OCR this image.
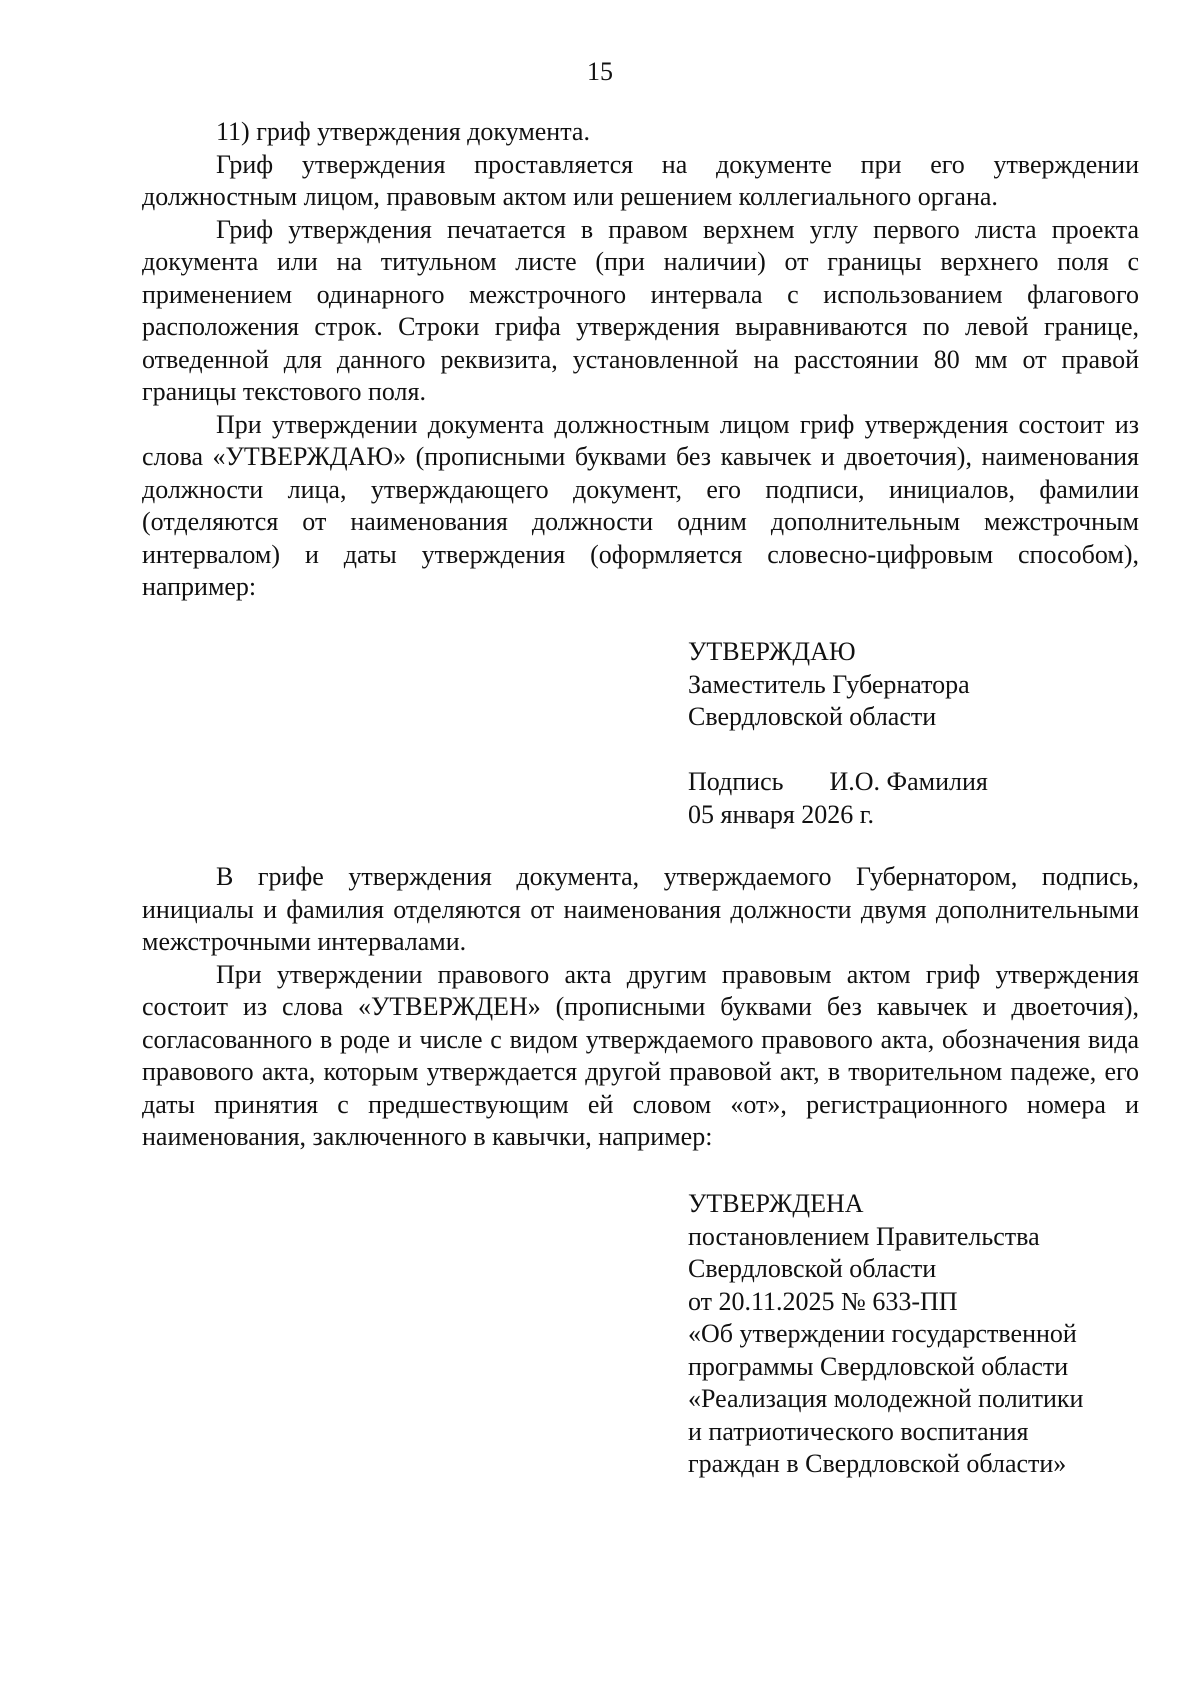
15

11) гриф утверждения документа.

Гриф утверждения проставляется на документе при его утверждении должностным лицом, правовым актом или решением коллегиального органа.

Гриф утверждения печатается в правом верхнем углу первого листа проекта документа или на титульном листе (при наличии) от границы верхнего поля с применением одинарного межстрочного интервала с использованием флагового расположения строк. Строки грифа утверждения выравниваются по левой границе, отведенной для данного реквизита, установленной на расстоянии 80 мм от правой границы текстового поля.

При утверждении документа должностным лицом гриф утверждения состоит из слова «УТВЕРЖДАЮ» (прописными буквами без кавычек и двоеточия), наименования должности лица, утверждающего документ, его подписи, инициалов, фамилии (отделяются от наименования должности одним дополнительным межстрочным интервалом) и даты утверждения (оформляется словесно-цифровым способом), например:

УТВЕРЖДАЮ
Заместитель Губернатора
Свердловской области
Подпись И.О. Фамилия
05 января 2026 г.

В грифе утверждения документа, утверждаемого Губернатором, подпись, инициалы и фамилия отделяются от наименования должности двумя дополнительными межстрочными интервалами.

При утверждении правового акта другим правовым актом гриф утверждения состоит из слова «УТВЕРЖДЕН» (прописными буквами без кавычек и двоеточия), согласованного в роде и числе с видом утверждаемого правового акта, обозначения вида правового акта, которым утверждается другой правовой акт, в творительном падеже, его даты принятия с предшествующим ей словом «от», регистрационного номера и наименования, заключенного в кавычки, например:

УТВЕРЖДЕНА
постановлением Правительства
Свердловской области
от 20.11.2025 № 633-ПП
«Об утверждении государственной
программы Свердловской области
«Реализация молодежной политики
и патриотического воспитания
граждан в Свердловской области»
